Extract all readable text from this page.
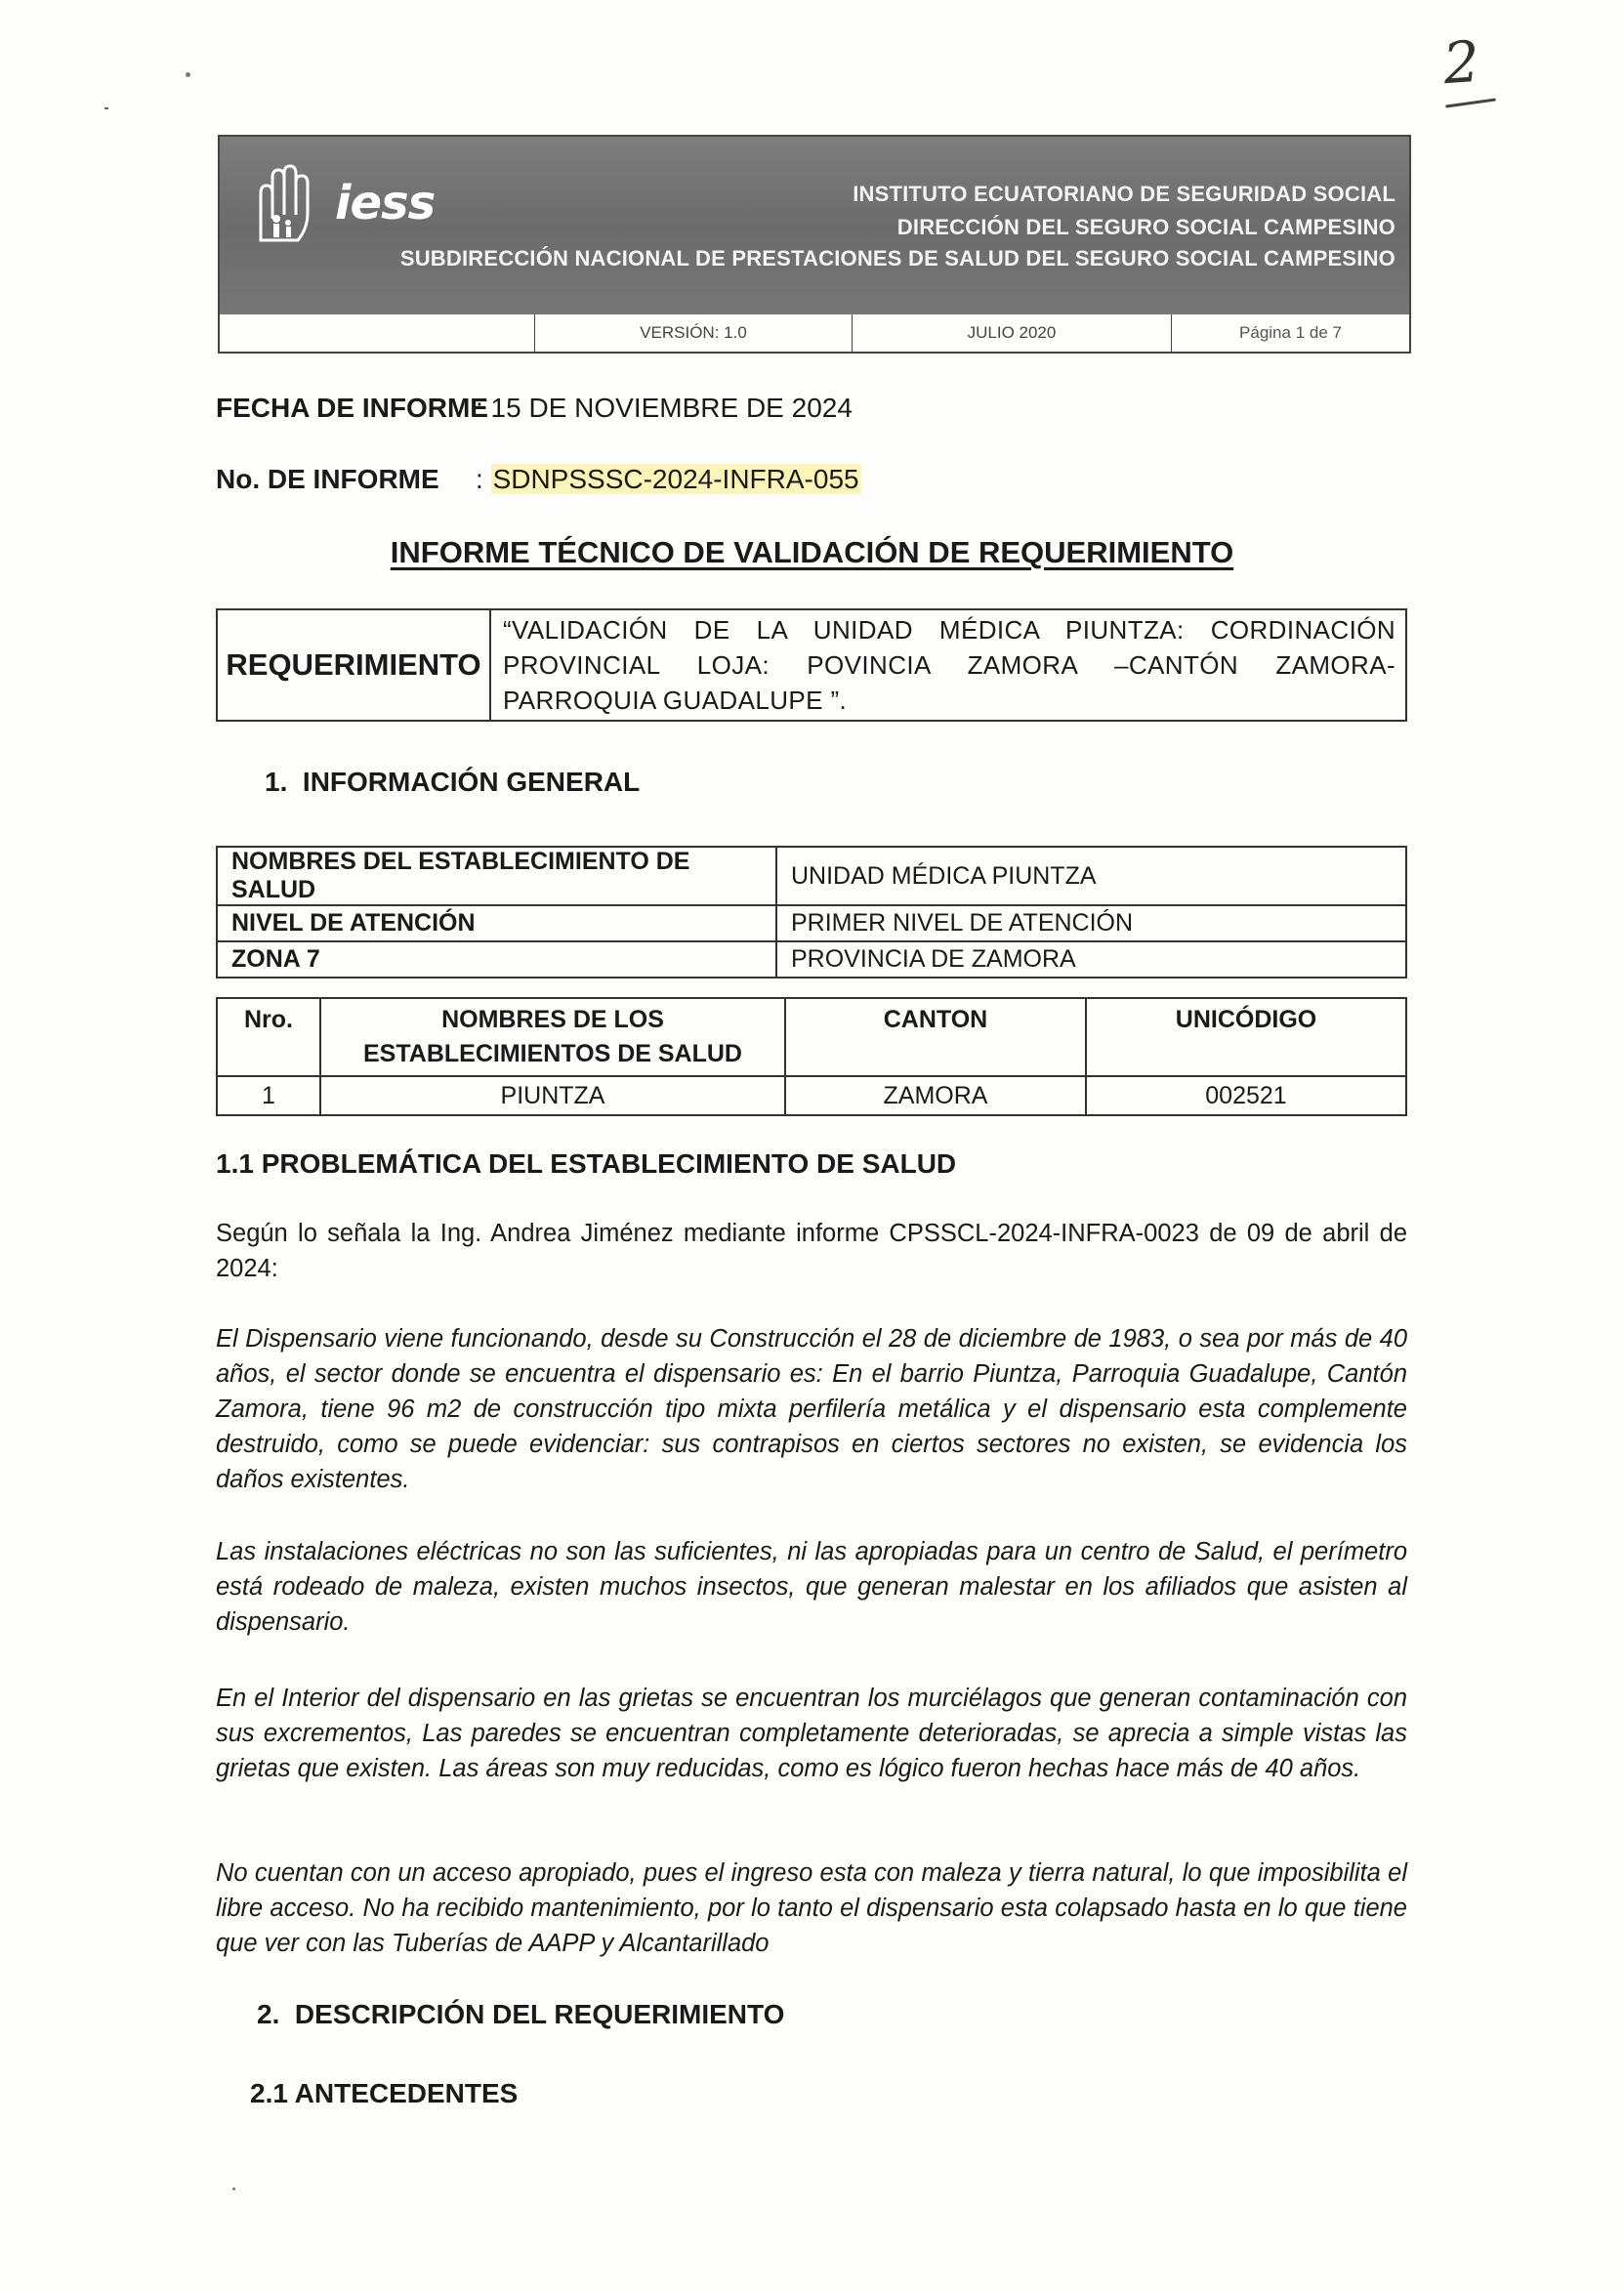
2
iess	INSTITUTO ECUATORIANO DE SEGURIDAD SOCIAL
DIRECCIÓN DEL SEGURO SOCIAL CAMPESINO
SUBDIRECCIÓN NACIONAL DE PRESTACIONES DE SALUD DEL SEGURO SOCIAL CAMPESINO
VERSIÓN: 1.0	JULIO 2020	Página 1 de 7
FECHA DE INFORME
: 15 DE NOVIEMBRE DE 2024
No. DE INFORME : SDNPSSSC-2024-INFRA-055
INFORME TÉCNICO DE VALIDACIÓN DE REQUERIMIENTO
REQUERIMIENTO	“VALIDACIÓN DE LA UNIDAD MÉDICA PIUNTZA: CORDINACIÓN PROVINCIAL LOJA: POVINCIA ZAMORA –CANTÓN ZAMORA- PARROQUIA GUADALUPE ”.
1.  INFORMACIÓN GENERAL
NOMBRES DEL ESTABLECIMIENTO DE SALUD	UNIDAD MÉDICA PIUNTZA
NIVEL DE ATENCIÓN	PRIMER NIVEL DE ATENCIÓN
ZONA 7	PROVINCIA DE ZAMORA
Nro.	NOMBRES DE LOS ESTABLECIMIENTOS DE SALUD	CANTON	UNICÓDIGO
1	PIUNTZA	ZAMORA	002521
1.1 PROBLEMÁTICA DEL ESTABLECIMIENTO DE SALUD
Según lo señala la Ing. Andrea Jiménez mediante informe CPSSCL-2024-INFRA-0023 de 09 de abril de 2024:
El Dispensario viene funcionando, desde su Construcción el 28 de diciembre de 1983, o sea por más de 40 años, el sector donde se encuentra el dispensario es: En el barrio Piuntza, Parroquia Guadalupe, Cantón Zamora, tiene 96 m2 de construcción tipo mixta perfilería metálica y el dispensario esta complemente destruido, como se puede evidenciar: sus contrapisos en ciertos sectores no existen, se evidencia los daños existentes.
Las instalaciones eléctricas no son las suficientes, ni las apropiadas para un centro de Salud, el perímetro está rodeado de maleza, existen muchos insectos, que generan malestar en los afiliados que asisten al dispensario.
En el Interior del dispensario en las grietas se encuentran los murciélagos que generan contaminación con sus excrementos, Las paredes se encuentran completamente deterioradas, se aprecia a simple vistas las grietas que existen. Las áreas son muy reducidas, como es lógico fueron hechas hace más de 40 años.
No cuentan con un acceso apropiado, pues el ingreso esta con maleza y tierra natural, lo que imposibilita el libre acceso. No ha recibido mantenimiento, por lo tanto el dispensario esta colapsado hasta en lo que tiene que ver con las Tuberías de AAPP y Alcantarillado
2.  DESCRIPCIÓN DEL REQUERIMIENTO
2.1 ANTECEDENTES
